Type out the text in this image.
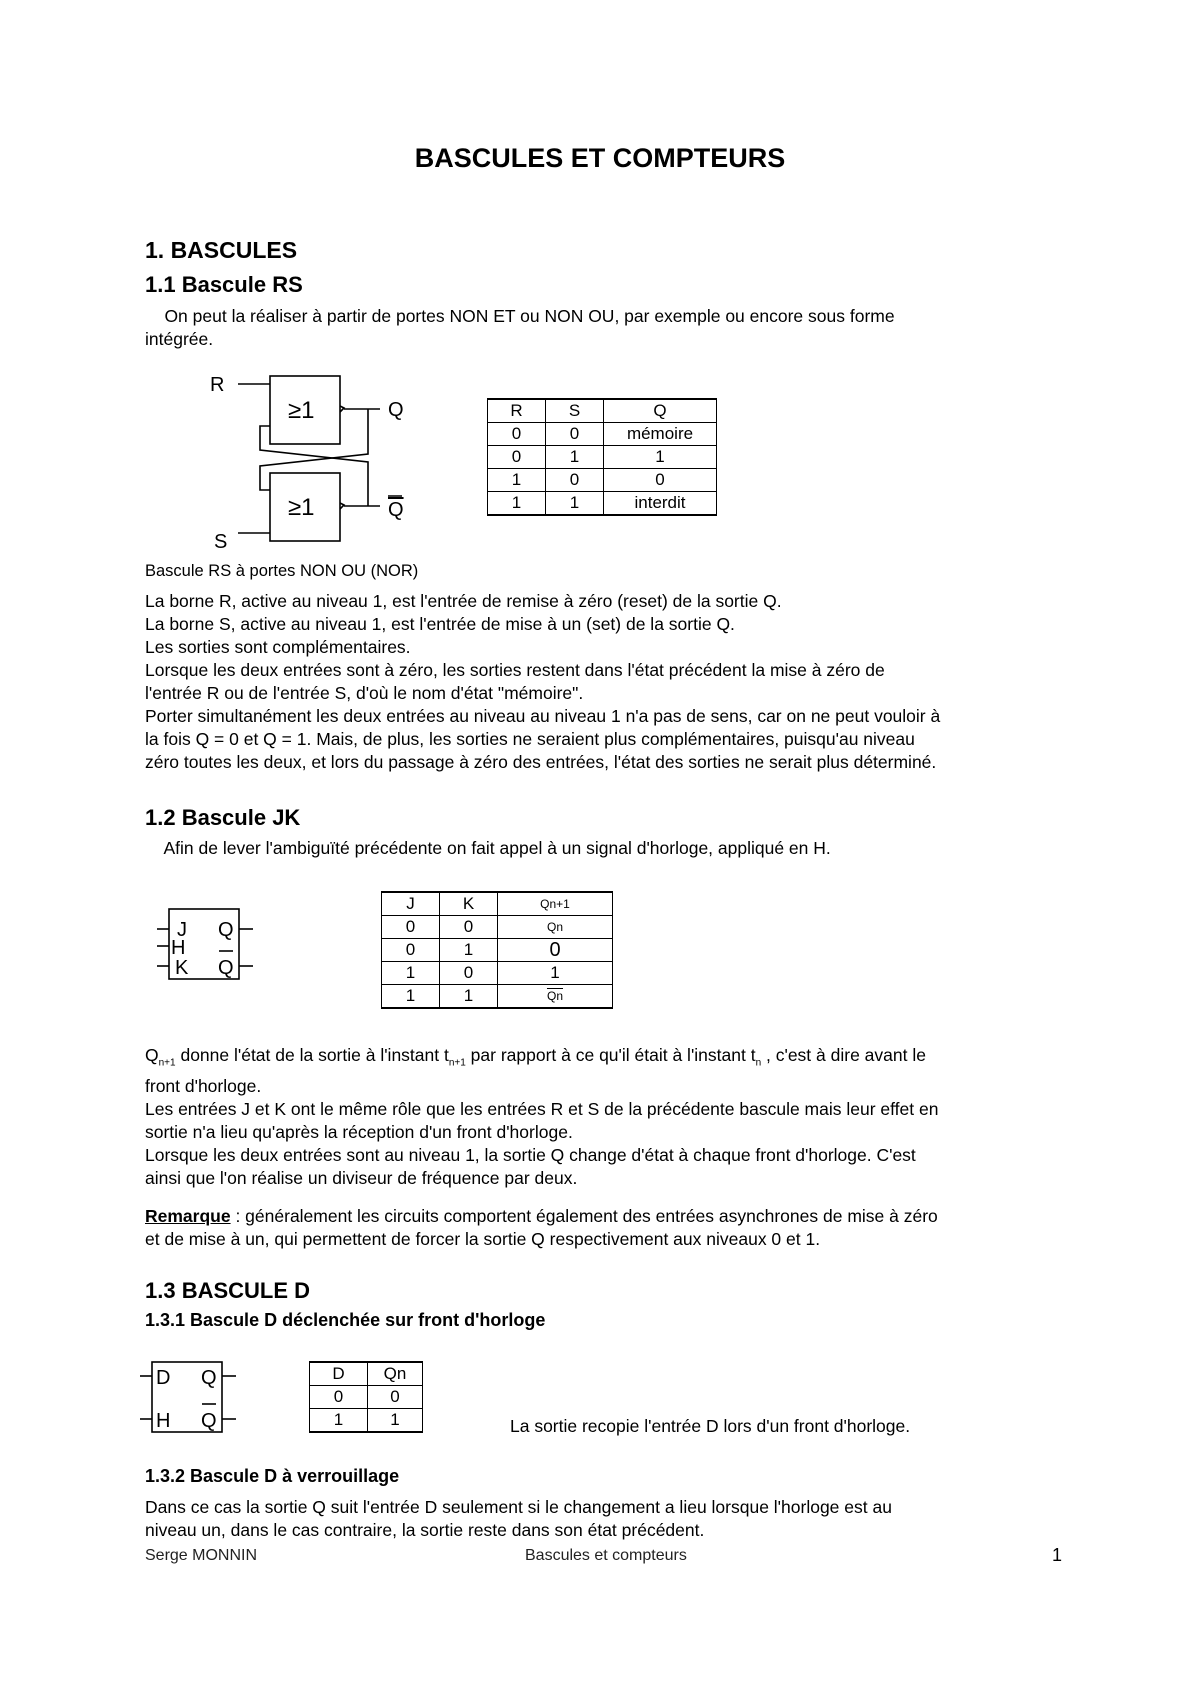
BASCULES ET COMPTEURS
1. BASCULES
1.1 Bascule RS
On peut la réaliser à partir de portes NON ET ou NON OU, par exemple ou encore sous forme
intégrée.
R
S
≥1
≥1
Q
Q
R	S	Q
0	0	mémoire
0	1	1
1	0	0
1	1	interdit
Bascule RS à portes NON OU (NOR)
La borne R, active au niveau 1, est l'entrée de remise à zéro (reset) de la sortie Q.
La borne S, active au niveau 1, est l'entrée de mise à un (set) de la sortie Q.
Les sorties sont complémentaires.
Lorsque les deux entrées sont à zéro, les sorties restent dans l'état précédent la mise à zéro de
l'entrée R ou de l'entrée S, d'où le nom d'état "mémoire".
Porter simultanément les deux entrées au niveau au niveau 1 n'a pas de sens, car on ne peut vouloir à
la fois Q = 0 et Q = 1. Mais, de plus, les sorties ne seraient plus complémentaires, puisqu'au niveau
zéro toutes les deux, et lors du passage à zéro des entrées, l'état des sorties ne serait plus déterminé.
1.2 Bascule JK
Afin de lever l'ambiguïté précédente on fait appel à un signal d'horloge, appliqué en H.
J
H
K
Q
Q
J	K	Qn+1
0	0	Qn
0	1	0
1	0	1
1	1	$\overline{Qn}$
$Q_{n+1}$ donne l'état de la sortie à l'instant $t_{n+1}$ par rapport à ce qu'il était à l'instant $t_n$ , c'est à dire avant le
front d'horloge.
Les entrées J et K ont le même rôle que les entrées R et S de la précédente bascule mais leur effet en
sortie n'a lieu qu'après la réception d'un front d'horloge.
Lorsque les deux entrées sont au niveau 1, la sortie Q change d'état à chaque front d'horloge. C'est
ainsi que l'on réalise un diviseur de fréquence par deux.
Remarque : généralement les circuits comportent également des entrées asynchrones de mise à zéro
et de mise à un, qui permettent de forcer la sortie Q respectivement aux niveaux 0 et 1.
1.3 BASCULE D
1.3.1 Bascule D déclenchée sur front d'horloge
D
H
Q
Q
D	Qn
0	0
1	1	La sortie recopie l'entrée D lors d'un front d'horloge.
1.3.2 Bascule D à verrouillage
Dans ce cas la sortie Q suit l'entrée D seulement si le changement a lieu lorsque l'horloge est au
niveau un, dans le cas contraire, la sortie reste dans son état précédent.
Serge MONNIN	Bascules et compteurs	1
